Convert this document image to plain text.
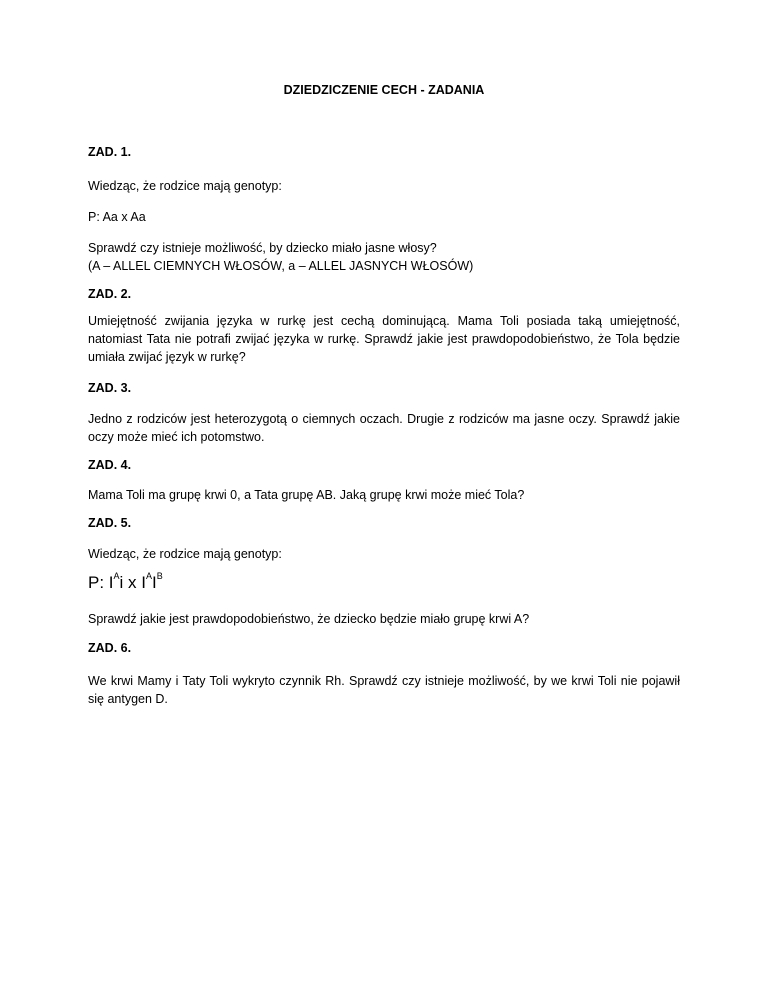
DZIEDZICZENIE CECH - ZADANIA
ZAD. 1.
Wiedząc, że rodzice mają genotyp:
P: Aa x Aa
Sprawdź czy istnieje możliwość, by dziecko miało jasne włosy?
(A – ALLEL CIEMNYCH WŁOSÓW, a – ALLEL JASNYCH WŁOSÓW)
ZAD. 2.
Umiejętność zwijania języka w rurkę jest cechą dominującą. Mama Toli posiada taką umiejętność, natomiast Tata nie potrafi zwijać języka w rurkę. Sprawdź jakie jest prawdopodobieństwo, że Tola będzie umiała zwijać język w rurkę?
ZAD. 3.
Jedno z rodziców jest heterozygotą o ciemnych oczach. Drugie z rodziców ma jasne oczy. Sprawdź jakie oczy może mieć ich potomstwo.
ZAD. 4.
Mama Toli ma grupę krwi 0, a Tata grupę AB. Jaką grupę krwi może mieć Tola?
ZAD. 5.
Wiedząc, że rodzice mają genotyp:
P: $I^Ai$ x $I^AI^B$
Sprawdź jakie jest prawdopodobieństwo, że dziecko będzie miało grupę krwi A?
ZAD. 6.
We krwi Mamy i Taty Toli wykryto czynnik Rh. Sprawdź czy istnieje możliwość, by we krwi Toli nie pojawił się antygen D.
